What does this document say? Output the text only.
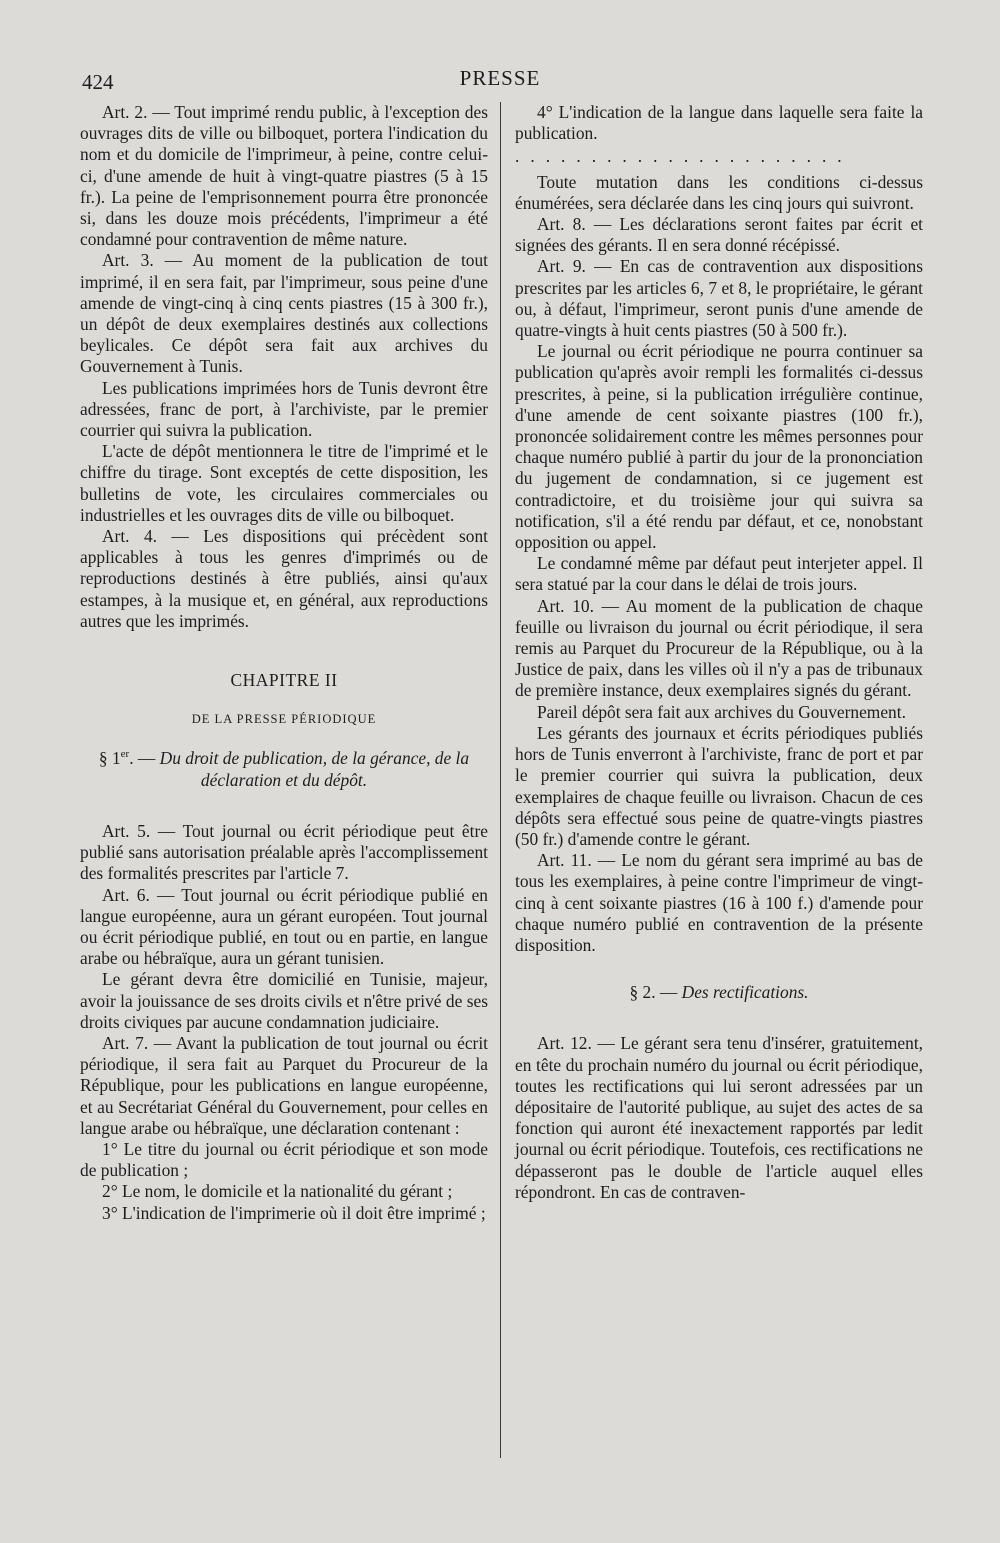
424	PRESSE

Art. 2. — Tout imprimé rendu public, à l'exception des ouvrages dits de ville ou bilboquet, portera l'indication du nom et du domicile de l'imprimeur, à peine, contre celui-ci, d'une amende de huit à vingt-quatre piastres (5 à 15 fr.). La peine de l'emprisonnement pourra être prononcée si, dans les douze mois précédents, l'imprimeur a été condamné pour contravention de même nature.

Art. 3. — Au moment de la publication de tout imprimé, il en sera fait, par l'imprimeur, sous peine d'une amende de vingt-cinq à cinq cents piastres (15 à 300 fr.), un dépôt de deux exemplaires destinés aux collections beylicales. Ce dépôt sera fait aux archives du Gouvernement à Tunis.

Les publications imprimées hors de Tunis devront être adressées, franc de port, à l'archiviste, par le premier courrier qui suivra la publication.

L'acte de dépôt mentionnera le titre de l'imprimé et le chiffre du tirage. Sont exceptés de cette disposition, les bulletins de vote, les circulaires commerciales ou industrielles et les ouvrages dits de ville ou bilboquet.

Art. 4. — Les dispositions qui précèdent sont applicables à tous les genres d'imprimés ou de reproductions destinés à être publiés, ainsi qu'aux estampes, à la musique et, en général, aux reproductions autres que les imprimés.

CHAPITRE II
DE LA PRESSE PÉRIODIQUE
§ 1er. — Du droit de publication, de la gérance, de la déclaration et du dépôt.

Art. 5. — Tout journal ou écrit périodique peut être publié sans autorisation préalable après l'accomplissement des formalités prescrites par l'article 7.

Art. 6. — Tout journal ou écrit périodique publié en langue européenne, aura un gérant européen. Tout journal ou écrit périodique publié, en tout ou en partie, en langue arabe ou hébraïque, aura un gérant tunisien.

Le gérant devra être domicilié en Tunisie, majeur, avoir la jouissance de ses droits civils et n'être privé de ses droits civiques par aucune condamnation judiciaire.

Art. 7. — Avant la publication de tout journal ou écrit périodique, il sera fait au Parquet du Procureur de la République, pour les publications en langue européenne, et au Secrétariat Général du Gouvernement, pour celles en langue arabe ou hébraïque, une déclaration contenant :

1° Le titre du journal ou écrit périodique et son mode de publication ;

2° Le nom, le domicile et la nationalité du gérant ;

3° L'indication de l'imprimerie où il doit être imprimé ;

4° L'indication de la langue dans laquelle sera faite la publication.

......................

Toute mutation dans les conditions ci-dessus énumérées, sera déclarée dans les cinq jours qui suivront.

Art. 8. — Les déclarations seront faites par écrit et signées des gérants. Il en sera donné récépissé.

Art. 9. — En cas de contravention aux dispositions prescrites par les articles 6, 7 et 8, le propriétaire, le gérant ou, à défaut, l'imprimeur, seront punis d'une amende de quatre-vingts à huit cents piastres (50 à 500 fr.).

Le journal ou écrit périodique ne pourra continuer sa publication qu'après avoir rempli les formalités ci-dessus prescrites, à peine, si la publication irrégulière continue, d'une amende de cent soixante piastres (100 fr.), prononcée solidairement contre les mêmes personnes pour chaque numéro publié à partir du jour de la prononciation du jugement de condamnation, si ce jugement est contradictoire, et du troisième jour qui suivra sa notification, s'il a été rendu par défaut, et ce, nonobstant opposition ou appel.

Le condamné même par défaut peut interjeter appel. Il sera statué par la cour dans le délai de trois jours.

Art. 10. — Au moment de la publication de chaque feuille ou livraison du journal ou écrit périodique, il sera remis au Parquet du Procureur de la République, ou à la Justice de paix, dans les villes où il n'y a pas de tribunaux de première instance, deux exemplaires signés du gérant.

Pareil dépôt sera fait aux archives du Gouvernement.

Les gérants des journaux et écrits périodiques publiés hors de Tunis enverront à l'archiviste, franc de port et par le premier courrier qui suivra la publication, deux exemplaires de chaque feuille ou livraison. Chacun de ces dépôts sera effectué sous peine de quatre-vingts piastres (50 fr.) d'amende contre le gérant.

Art. 11. — Le nom du gérant sera imprimé au bas de tous les exemplaires, à peine contre l'imprimeur de vingt-cinq à cent soixante piastres (16 à 100 f.) d'amende pour chaque numéro publié en contravention de la présente disposition.

§ 2. — Des rectifications.

Art. 12. — Le gérant sera tenu d'insérer, gratuitement, en tête du prochain numéro du journal ou écrit périodique, toutes les rectifications qui lui seront adressées par un dépositaire de l'autorité publique, au sujet des actes de sa fonction qui auront été inexactement rapportés par ledit journal ou écrit périodique. Toutefois, ces rectifications ne dépasseront pas le double de l'article auquel elles répondront. En cas de contraven-
